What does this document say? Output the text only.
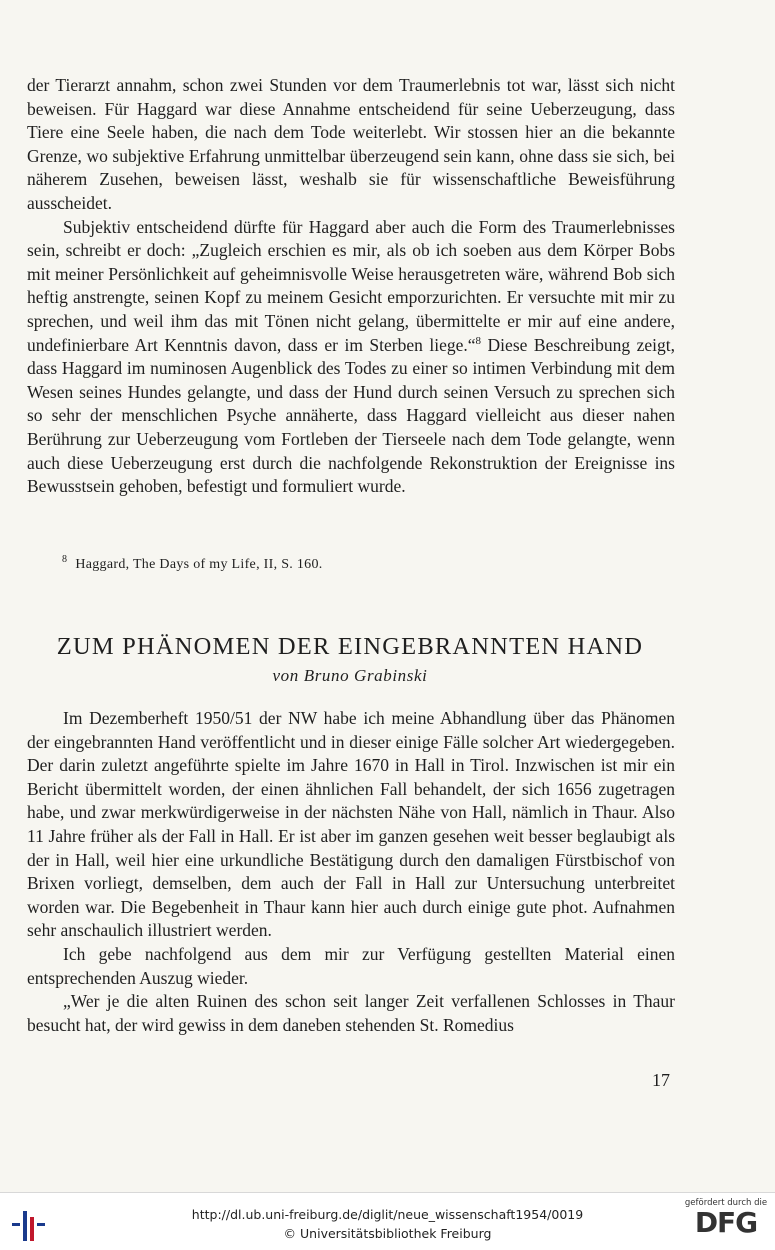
der Tierarzt annahm, schon zwei Stunden vor dem Traumerlebnis tot war, lässt sich nicht beweisen. Für Haggard war diese Annahme entscheidend für seine Ueberzeugung, dass Tiere eine Seele haben, die nach dem Tode weiterlebt. Wir stossen hier an die bekannte Grenze, wo subjektive Erfahrung unmittelbar überzeugend sein kann, ohne dass sie sich, bei näherem Zusehen, beweisen lässt, weshalb sie für wissenschaftliche Beweisführung ausscheidet.

Subjektiv entscheidend dürfte für Haggard aber auch die Form des Traumerlebnisses sein, schreibt er doch: „Zugleich erschien es mir, als ob ich soeben aus dem Körper Bobs mit meiner Persönlichkeit auf geheimnisvolle Weise herausgetreten wäre, während Bob sich heftig anstrengte, seinen Kopf zu meinem Gesicht emporzurichten. Er versuchte mit mir zu sprechen, und weil ihm das mit Tönen nicht gelang, übermittelte er mir auf eine andere, undefinierbare Art Kenntnis davon, dass er im Sterben liege.“$^8$ Diese Beschreibung zeigt, dass Haggard im numinosen Augenblick des Todes zu einer so intimen Verbindung mit dem Wesen seines Hundes gelangte, und dass der Hund durch seinen Versuch zu sprechen sich so sehr der menschlichen Psyche annäherte, dass Haggard vielleicht aus dieser nahen Berührung zur Ueberzeugung vom Fortleben der Tierseele nach dem Tode gelangte, wenn auch diese Ueberzeugung erst durch die nachfolgende Rekonstruktion der Ereignisse ins Bewusstsein gehoben, befestigt und formuliert wurde.

$^8$ Haggard, The Days of my Life, II, S. 160.
ZUM PHÄNOMEN DER EINGEBRANNTEN HAND
von Bruno Grabinski

Im Dezemberheft 1950/51 der NW habe ich meine Abhandlung über das Phänomen der eingebrannten Hand veröffentlicht und in dieser einige Fälle solcher Art wiedergegeben. Der darin zuletzt angeführte spielte im Jahre 1670 in Hall in Tirol. Inzwischen ist mir ein Bericht übermittelt worden, der einen ähnlichen Fall behandelt, der sich 1656 zugetragen habe, und zwar merkwürdigerweise in der nächsten Nähe von Hall, nämlich in Thaur. Also 11 Jahre früher als der Fall in Hall. Er ist aber im ganzen gesehen weit besser beglaubigt als der in Hall, weil hier eine urkundliche Bestätigung durch den damaligen Fürstbischof von Brixen vorliegt, demselben, dem auch der Fall in Hall zur Untersuchung unterbreitet worden war. Die Begebenheit in Thaur kann hier auch durch einige gute phot. Aufnahmen sehr anschaulich illustriert werden.

Ich gebe nachfolgend aus dem mir zur Verfügung gestellten Material einen entsprechenden Auszug wieder.

„Wer je die alten Ruinen des schon seit langer Zeit verfallenen Schlosses in Thaur besucht hat, der wird gewiss in dem daneben stehenden St. Romedius

17
http://dl.ub.uni-freiburg.de/diglit/neue_wissenschaft1954/0019
© Universitätsbibliothek Freiburg
gefördert durch die
DFG
